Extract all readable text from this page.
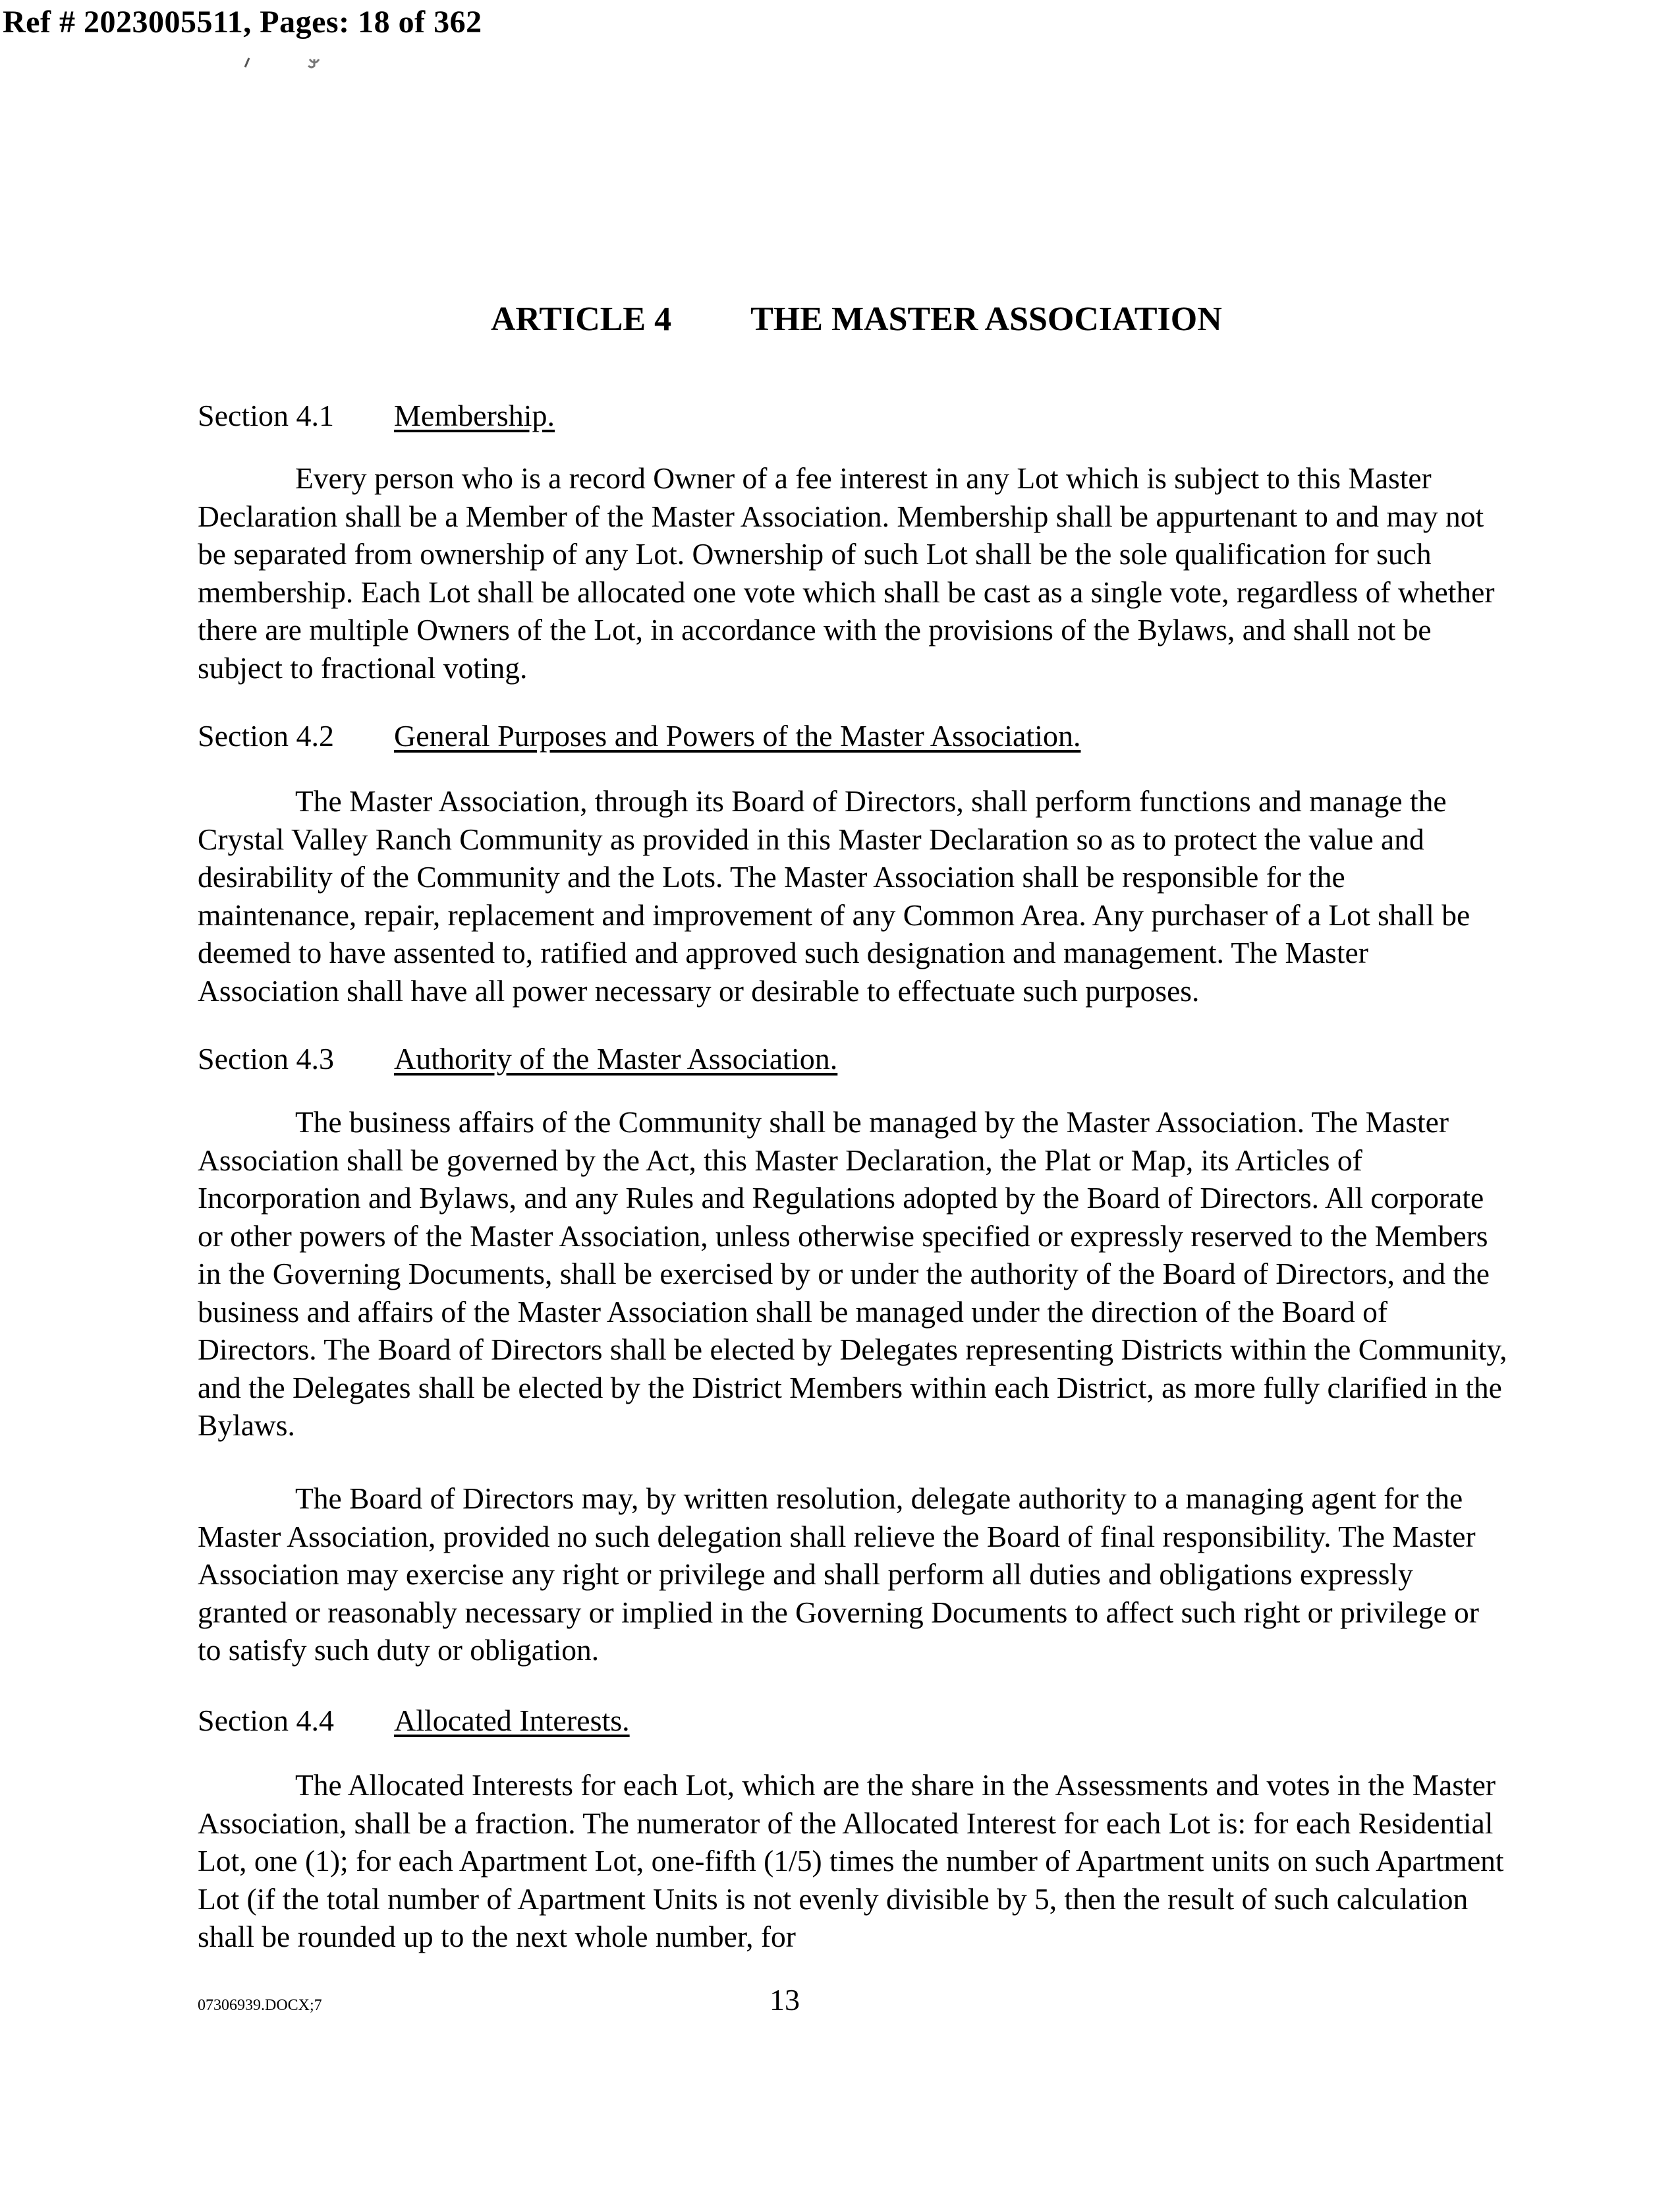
Ref # 2023005511, Pages: 18 of 362
ARTICLE 4 THE MASTER ASSOCIATION
Section 4.1 Membership.

Every person who is a record Owner of a fee interest in any Lot which is subject to this Master Declaration shall be a Member of the Master Association. Membership shall be appurtenant to and may not be separated from ownership of any Lot. Ownership of such Lot shall be the sole qualification for such membership. Each Lot shall be allocated one vote which shall be cast as a single vote, regardless of whether there are multiple Owners of the Lot, in accordance with the provisions of the Bylaws, and shall not be subject to fractional voting.

Section 4.2 General Purposes and Powers of the Master Association.

The Master Association, through its Board of Directors, shall perform functions and manage the Crystal Valley Ranch Community as provided in this Master Declaration so as to protect the value and desirability of the Community and the Lots. The Master Association shall be responsible for the maintenance, repair, replacement and improvement of any Common Area. Any purchaser of a Lot shall be deemed to have assented to, ratified and approved such designation and management. The Master Association shall have all power necessary or desirable to effectuate such purposes.

Section 4.3 Authority of the Master Association.

The business affairs of the Community shall be managed by the Master Association. The Master Association shall be governed by the Act, this Master Declaration, the Plat or Map, its Articles of Incorporation and Bylaws, and any Rules and Regulations adopted by the Board of Directors. All corporate or other powers of the Master Association, unless otherwise specified or expressly reserved to the Members in the Governing Documents, shall be exercised by or under the authority of the Board of Directors, and the business and affairs of the Master Association shall be managed under the direction of the Board of Directors. The Board of Directors shall be elected by Delegates representing Districts within the Community, and the Delegates shall be elected by the District Members within each District, as more fully clarified in the Bylaws.

The Board of Directors may, by written resolution, delegate authority to a managing agent for the Master Association, provided no such delegation shall relieve the Board of final responsibility. The Master Association may exercise any right or privilege and shall perform all duties and obligations expressly granted or reasonably necessary or implied in the Governing Documents to affect such right or privilege or to satisfy such duty or obligation.

Section 4.4 Allocated Interests.

The Allocated Interests for each Lot, which are the share in the Assessments and votes in the Master Association, shall be a fraction. The numerator of the Allocated Interest for each Lot is: for each Residential Lot, one (1); for each Apartment Lot, one-fifth (1/5) times the number of Apartment units on such Apartment Lot (if the total number of Apartment Units is not evenly divisible by 5, then the result of such calculation shall be rounded up to the next whole number, for

07306939.DOCX;7	13
